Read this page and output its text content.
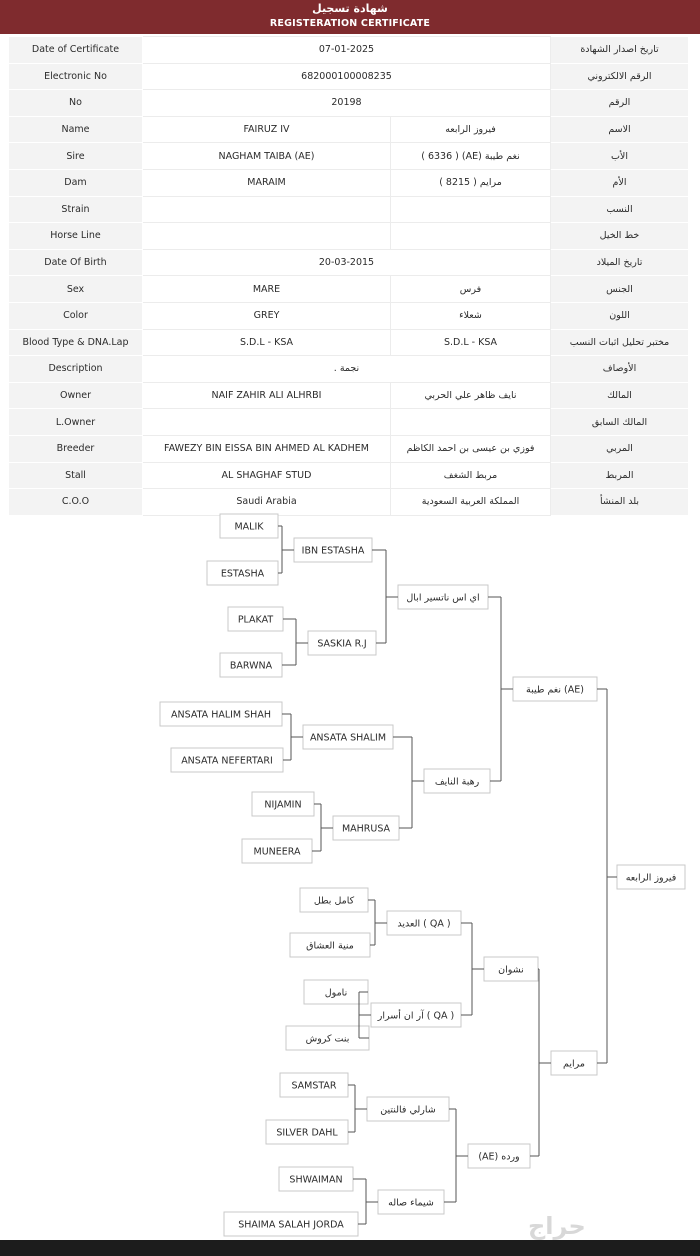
شهادة تسجيل
REGISTERATION CERTIFICATE
Date of Certificate	07-01-2025		تاريخ اصدار الشهادة
Electronic No	682000100008235		الرقم الالكتروني
No	20198		الرقم
Name	FAIRUZ IV	فيروز الرابعه	الاسم
Sire	NAGHAM TAIBA (AE)	نغم طيبة (AE) ( 6336 )	الأب
Dam	MARAIM	مرايم ( 8215 )	الأم
Strain			النسب
Horse Line			خط الخيل
Date Of Birth	20-03-2015		تاريخ الميلاد
Sex	MARE	فرس	الجنس
Color	GREY	شعلاء	اللون
Blood Type & DNA.Lap	S.D.L - KSA	S.D.L - KSA	مختبر تحليل اثبات النسب
Description	نجمة .		الأوصاف
Owner	NAIF ZAHIR ALI ALHRBI	نايف ظاهر علي الحربي	المالك
L.Owner			المالك السابق
Breeder	FAWEZY BIN EISSA BIN AHMED AL KADHEM	فوزي بن عيسى بن احمد الكاظم	المربي
Stall	AL SHAGHAF STUD	مربط الشغف	المربط
C.O.O	Saudi Arabia	المملكة العربية السعودية	بلد المنشأ
MALIK
ESTASHA
PLAKAT
BARWNA
ANSATA HALIM SHAH
ANSATA NEFERTARI
NIJAMIN
MUNEERA
كامل بطل
منية العشاق
نامول
بنت كروش
SAMSTAR
SILVER DAHL
SHWAIMAN
SHAIMA SALAH JORDA
IBN ESTASHA
SASKIA R.J
ANSATA SHALIM
MAHRUSA
العديد ( QA )
آر ان أسرار ( QA )
شارلي فالنتين
شيماء صاله
اي اس ناتسير ابال
رهبة النايف
نشوان
(AE) ورده
نغم طيبة (AE)
مرايم
فيروز الرابعه
حراج
